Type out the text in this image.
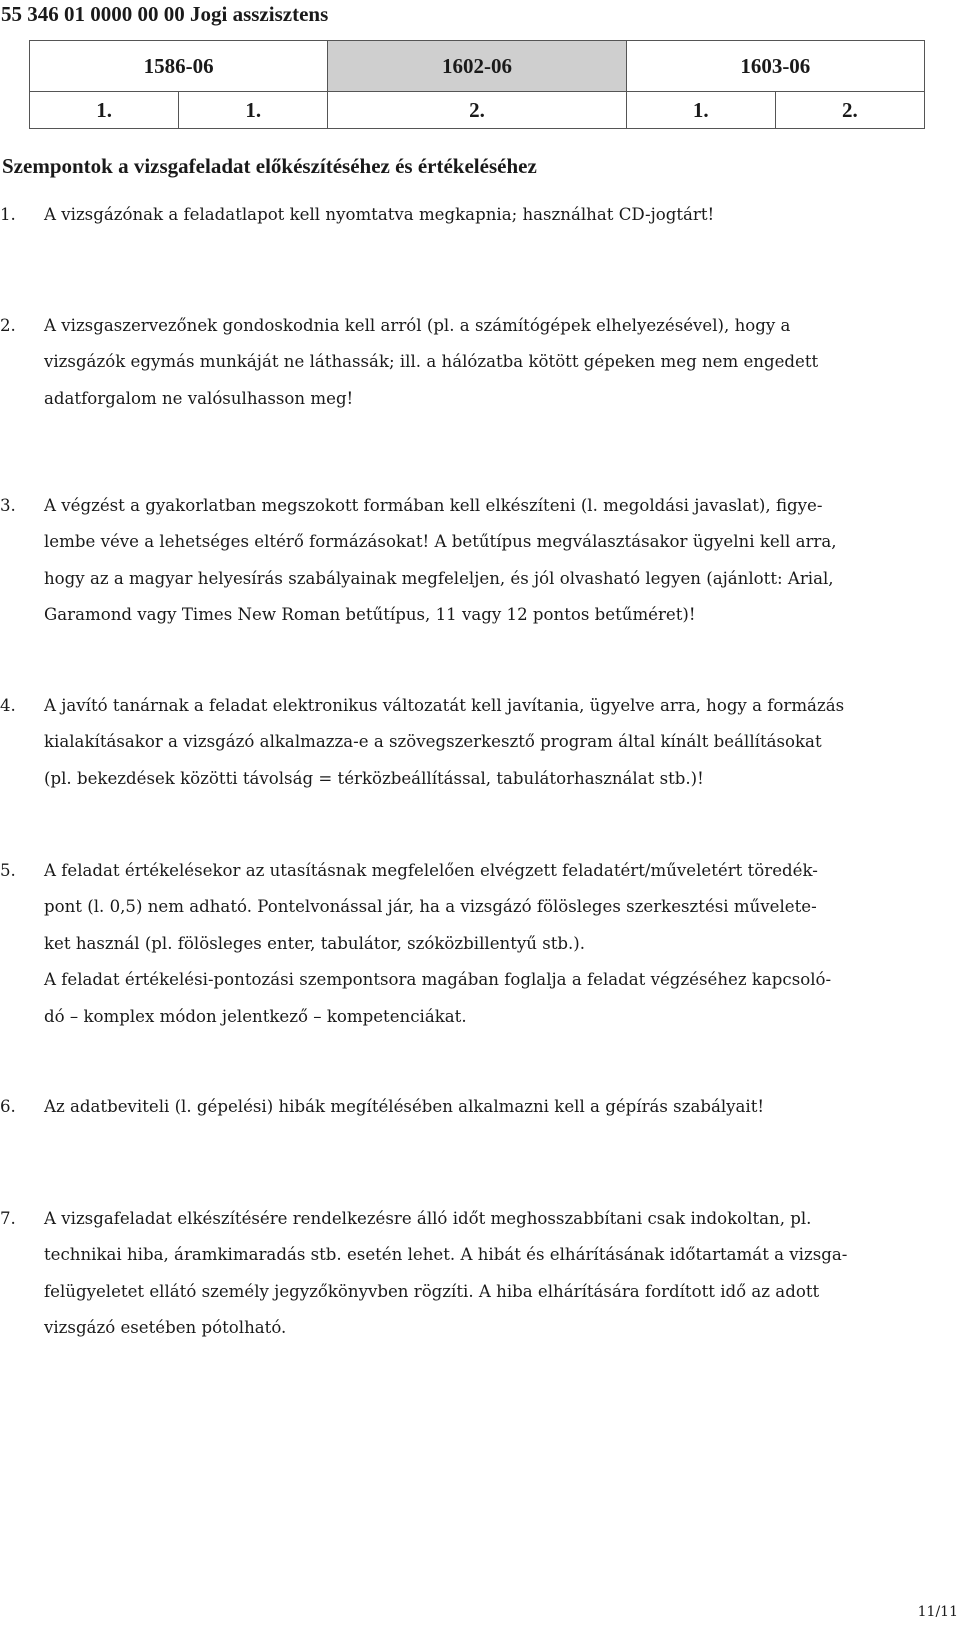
55 346 01 0000 00 00 Jogi asszisztens
1586-06		1602-06	1603-06	
1.	1.	2.	1.	2.
Szempontok a vizsgafeladat előkészítéséhez és értékeléséhez
1. A vizsgázónak a feladatlapot kell nyomtatva megkapnia; használhat CD-jogtárt!
2. A vizsgaszervezőnek gondoskodnia kell arról (pl. a számítógépek elhelyezésével), hogy a
vizsgázók egymás munkáját ne láthassák; ill. a hálózatba kötött gépeken meg nem engedett
adatforgalom ne valósulhasson meg!
3. A végzést a gyakorlatban megszokott formában kell elkészíteni (l. megoldási javaslat), figye-
lembe véve a lehetséges eltérő formázásokat! A betűtípus megválasztásakor ügyelni kell arra,
hogy az a magyar helyesírás szabályainak megfeleljen, és jól olvasható legyen (ajánlott: Arial,
Garamond vagy Times New Roman betűtípus, 11 vagy 12 pontos betűméret)!
4. A javító tanárnak a feladat elektronikus változatát kell javítania, ügyelve arra, hogy a formázás
kialakításakor a vizsgázó alkalmazza-e a szövegszerkesztő program által kínált beállításokat
(pl. bekezdések közötti távolság = térközbeállítással, tabulátorhasználat stb.)!
5. A feladat értékelésekor az utasításnak megfelelően elvégzett feladatért/műveletért töredék-
pont (l. 0,5) nem adható. Pontelvonással jár, ha a vizsgázó fölösleges szerkesztési művelete-
ket használ (pl. fölösleges enter, tabulátor, szóközbillentyű stb.).
A feladat értékelési-pontozási szempontsora magában foglalja a feladat végzéséhez kapcsoló-
dó – komplex módon jelentkező – kompetenciákat.
6. Az adatbeviteli (l. gépelési) hibák megítélésében alkalmazni kell a gépírás szabályait!
7. A vizsgafeladat elkészítésére rendelkezésre álló időt meghosszabbítani csak indokoltan, pl.
technikai hiba, áramkimaradás stb. esetén lehet. A hibát és elhárításának időtartamát a vizsga-
felügyeletet ellátó személy jegyzőkönyvben rögzíti. A hiba elhárítására fordított idő az adott
vizsgázó esetében pótolható.
11/11
